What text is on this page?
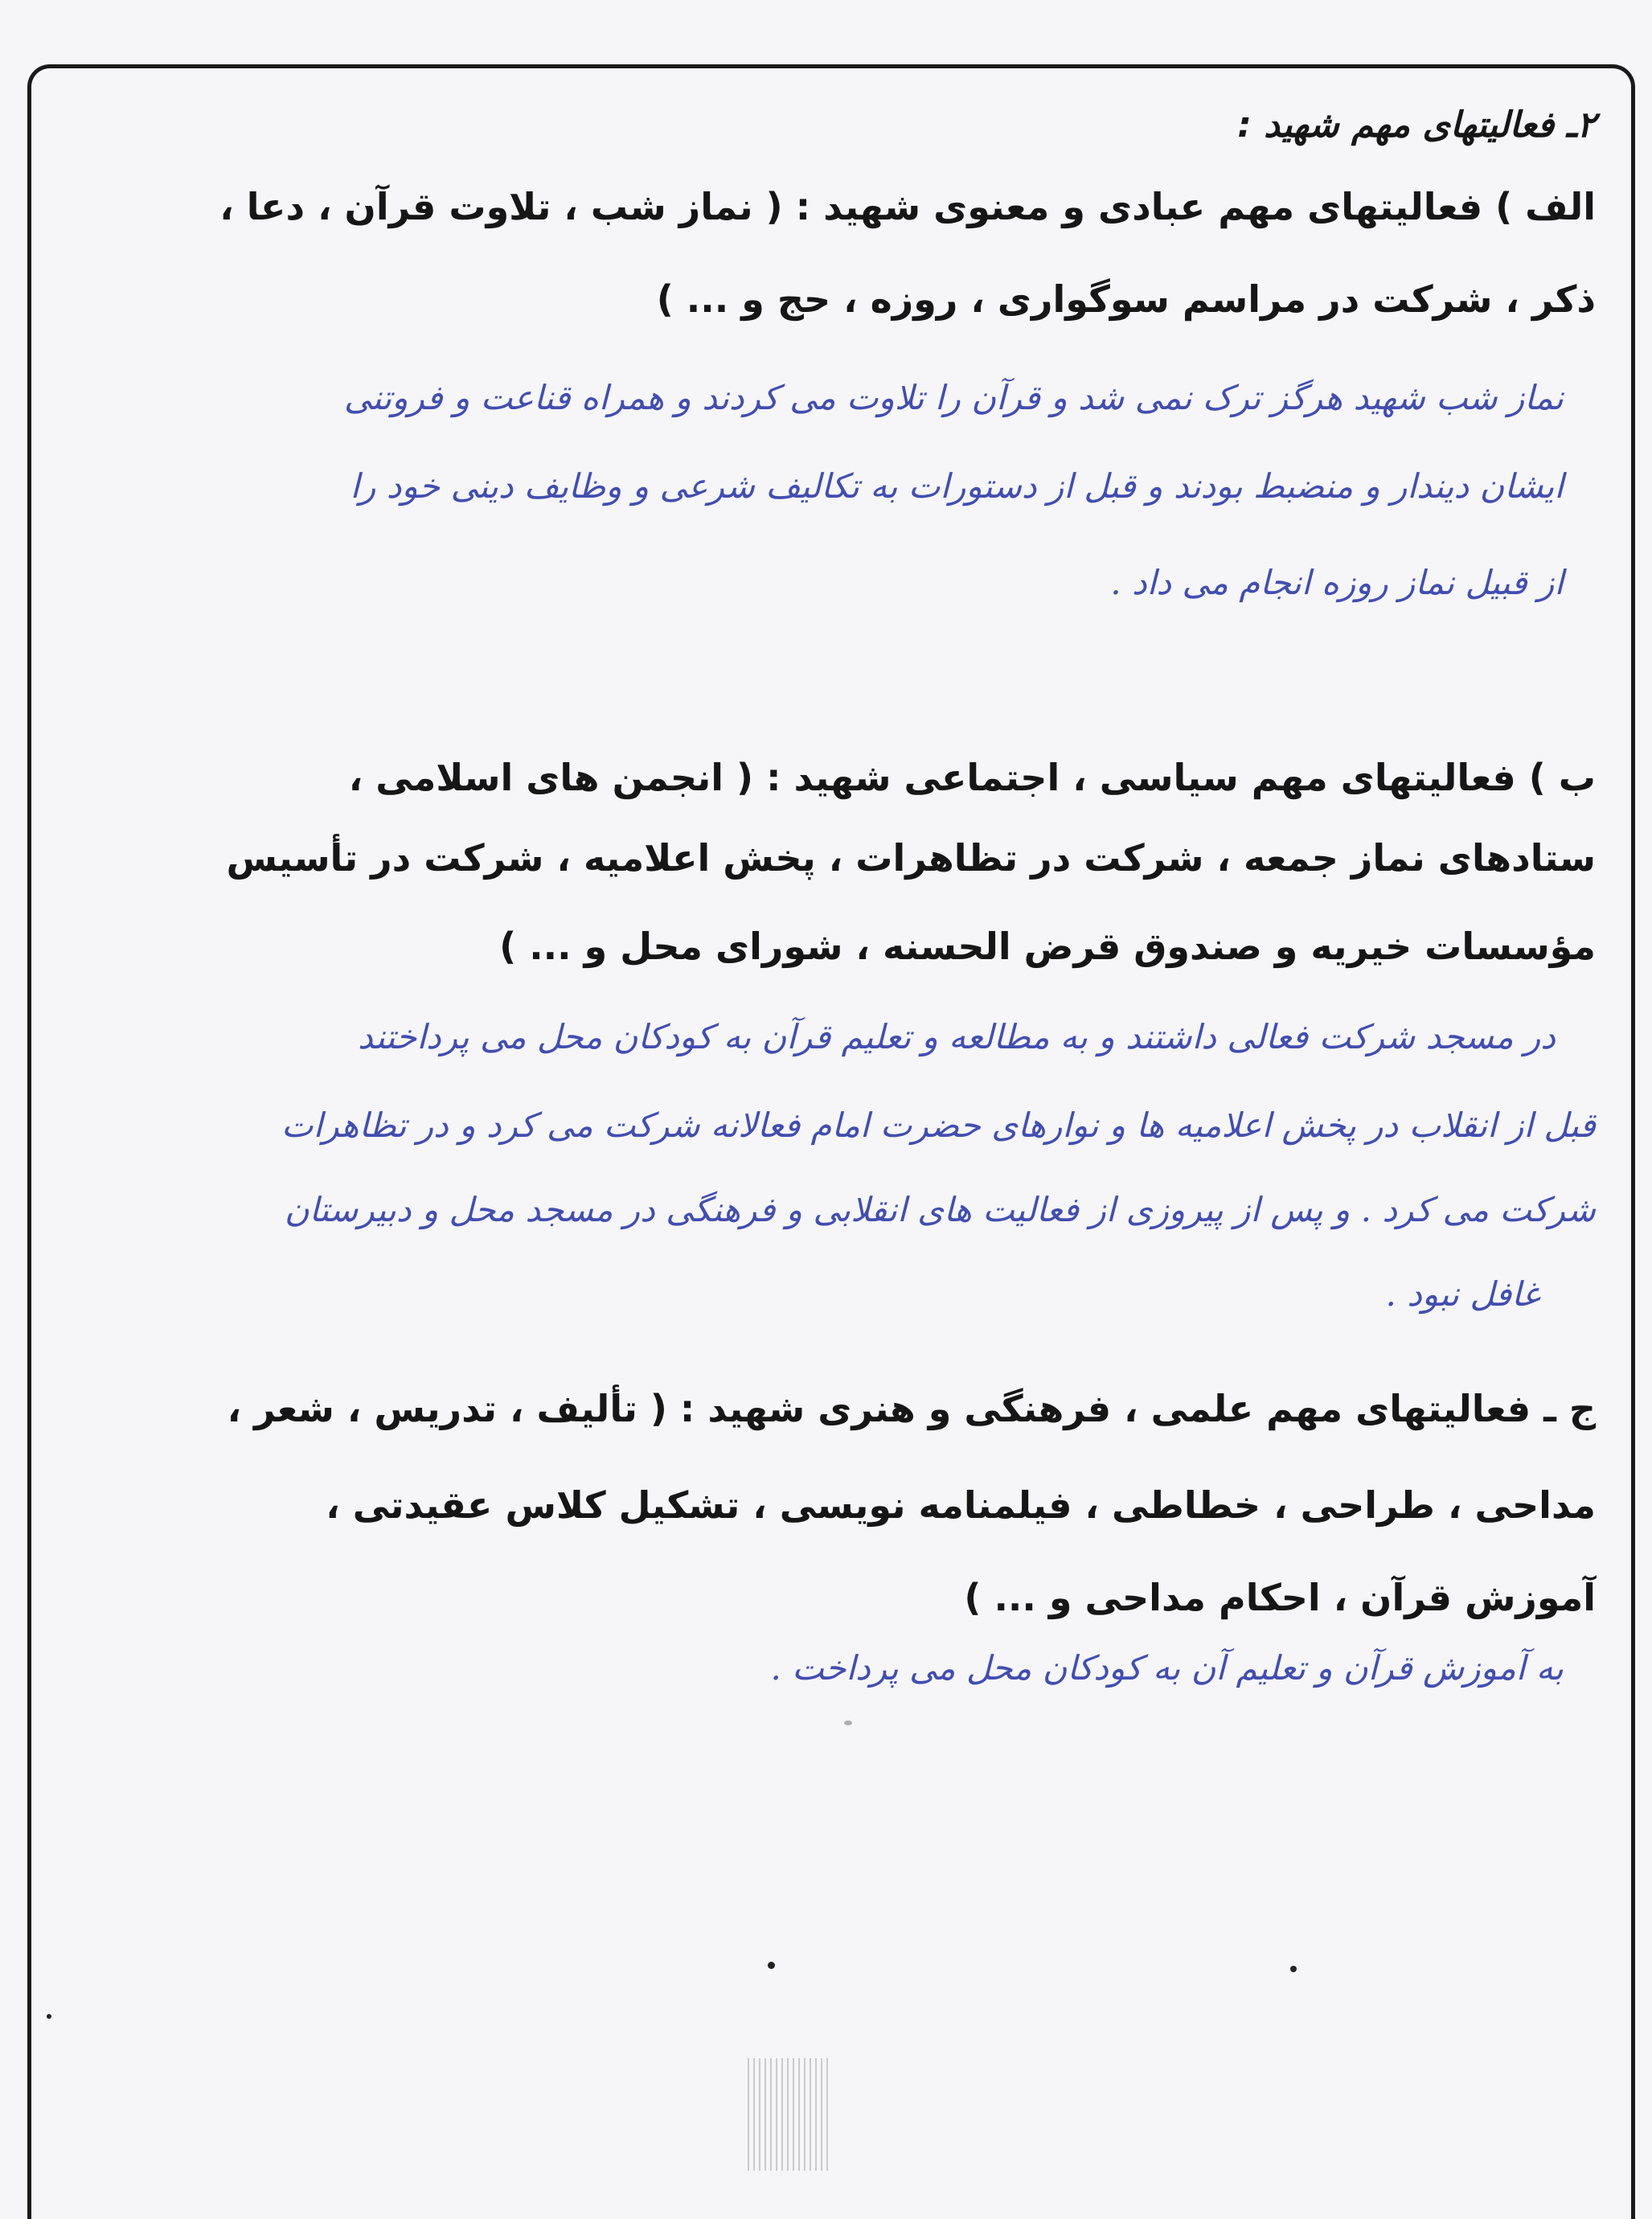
۲ـ فعالیتهای مهم شهید :
الف ) فعالیتهای مهم عبادی و معنوی شهید : ( نماز شب ، تلاوت قرآن ، دعا ،
ذکر ، شرکت در مراسم سوگواری ، روزه ، حج و ... )
نماز شب شهید هرگز ترک نمی شد و قرآن را تلاوت می کردند و همراه قناعت و فروتنی
ایشان دیندار و منضبط بودند و قبل از دستورات به تکالیف شرعی و وظایف دینی خود را
از قبیل نماز روزه انجام می داد .
ب ) فعالیتهای مهم سیاسی ، اجتماعی شهید : ( انجمن های اسلامی ،
ستادهای نماز جمعه ، شرکت در تظاهرات ، پخش اعلامیه ، شرکت در تأسیس
مؤسسات خیریه و صندوق قرض الحسنه ، شورای محل و ... )
در مسجد شرکت فعالی داشتند و به مطالعه و تعلیم قرآن به کودکان محل می پرداختند
قبل از انقلاب در پخش اعلامیه ها و نوارهای حضرت امام فعالانه شرکت می کرد و در تظاهرات
شرکت می کرد . و پس از پیروزی از فعالیت های انقلابی و فرهنگی در مسجد محل و دبیرستان
غافل نبود .
ج ـ فعالیتهای مهم علمی ، فرهنگی و هنری شهید : ( تألیف ، تدریس ، شعر ،
مداحی ، طراحی ، خطاطی ، فیلمنامه نویسی ، تشکیل کلاس عقیدتی ،
آموزش قرآن ، احکام مداحی و ... )
به آموزش قرآن و تعلیم آن به کودکان محل می پرداخت .
